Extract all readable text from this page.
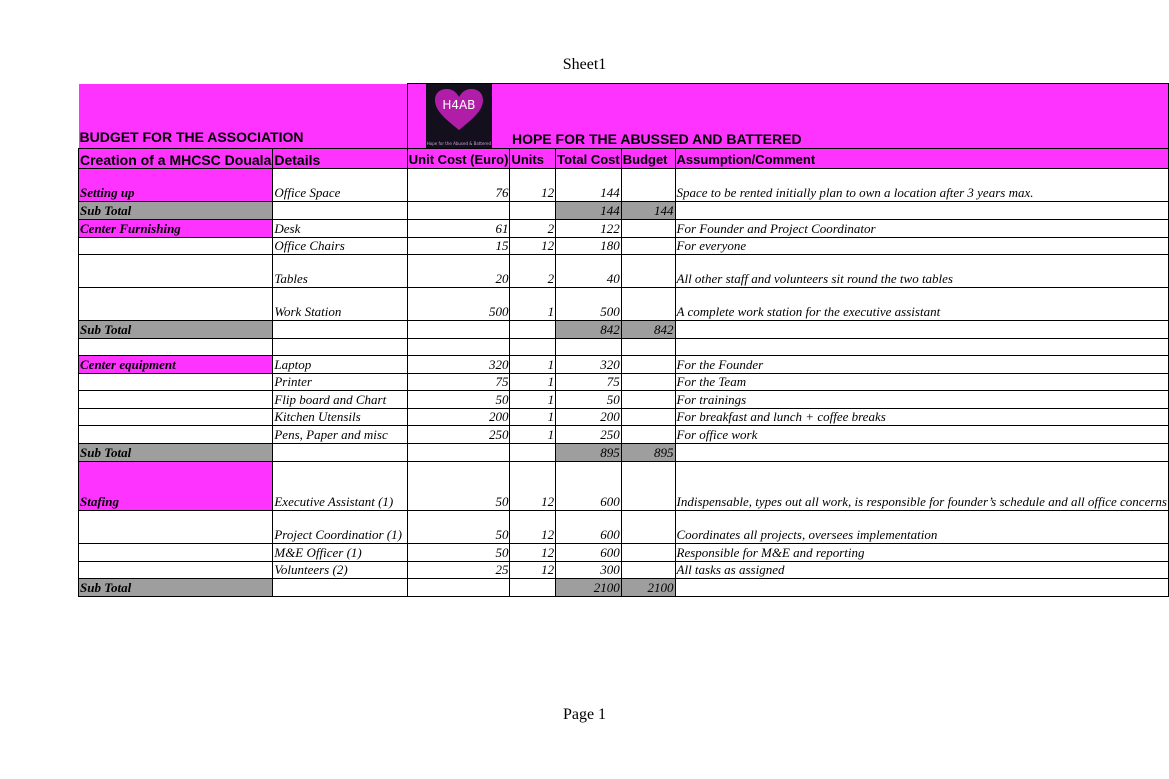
Sheet1
BUDGET FOR THE ASSOCIATION		H4AB
Hope for the Abused & Battered	HOPE FOR THE ABUSSED AND BATTERED			
Creation of a MHCSC Douala	Details	Unit Cost (Euro)	Units	Total Cost	Budget	Assumption/Comment
Setting up	Office Space	76	12	144		Space to be rented initially plan to own a location after 3 years max.
Sub Total				144	144	
Center Furnishing	Desk	61	2	122		For Founder and Project Coordinator
	Office Chairs	15	12	180		For everyone
	Tables	20	2	40		All other staff and volunteers sit round the two tables
	Work Station	500	1	500		A complete work station for the executive assistant
Sub Total				842	842	

Center equipment	Laptop	320	1	320		For the Founder
	Printer	75	1	75		For the Team
	Flip board and Chart	50	1	50		For trainings
	Kitchen Utensils	200	1	200		For breakfast and lunch + coffee breaks
	Pens, Paper and misc	250	1	250		For office work
Sub Total				895	895	
Stafing	Executive Assistant (1)	50	12	600		Indispensable, types out all work, is responsible for founder’s schedule and all office concerns
	Project Coordinatior (1)	50	12	600		Coordinates all projects, oversees implementation
	M&E Officer (1)	50	12	600		Responsible for M&E and reporting
	Volunteers (2)	25	12	300		All tasks as assigned
Sub Total				2100	2100	
Page 1
